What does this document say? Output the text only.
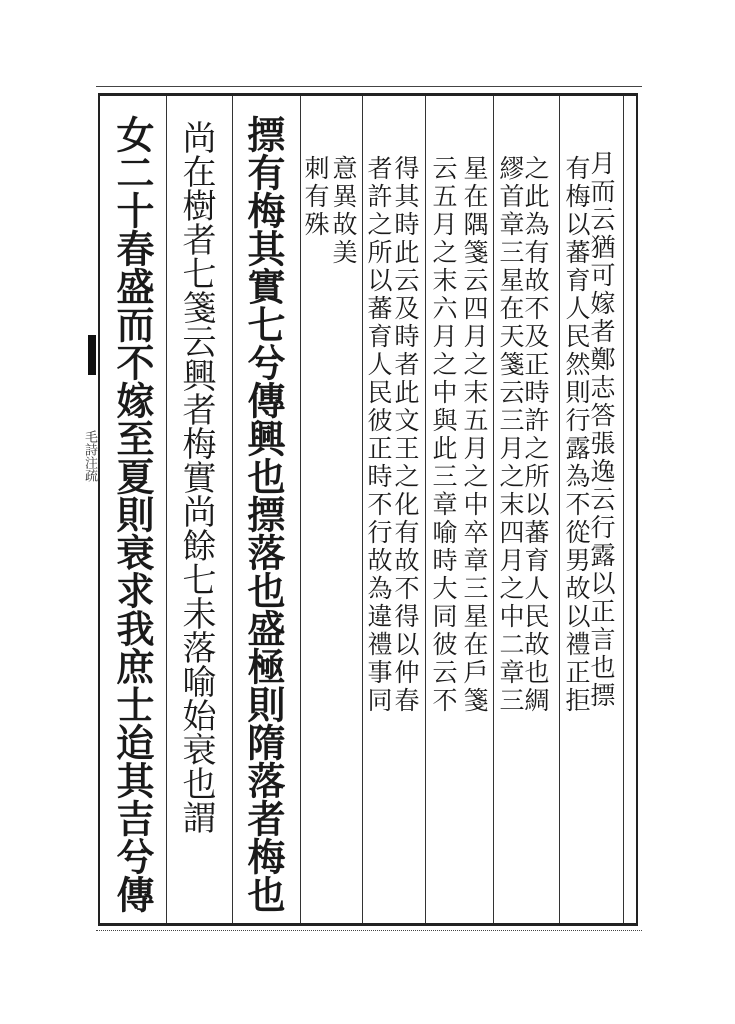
毛詩注疏	月而云猶可嫁者鄭志答張逸云行露以正言也摽
有梅以蕃育人民然則行露為不從男故以禮正拒
之此為有故不及正時許之所以蕃育人民故也綢
繆首章三星在天箋云三月之末四月之中二章三
星在隅箋云四月之末五月之中卒章三星在戶箋
云五月之末六月之中與此三章喻時大同彼云不
得其時此云及時者此文王之化有故不得以仲春
者許之所以蕃育人民彼正時不行故為違禮事同
意異故美
刺有殊
摽有梅其實七兮傳興也摽落也盛極則隋落者梅也
尚在樹者七箋云興者梅實尚餘七未落喻始衰也謂
女二十春盛而不嫁至夏則衰求我庶士迨其吉兮傳
